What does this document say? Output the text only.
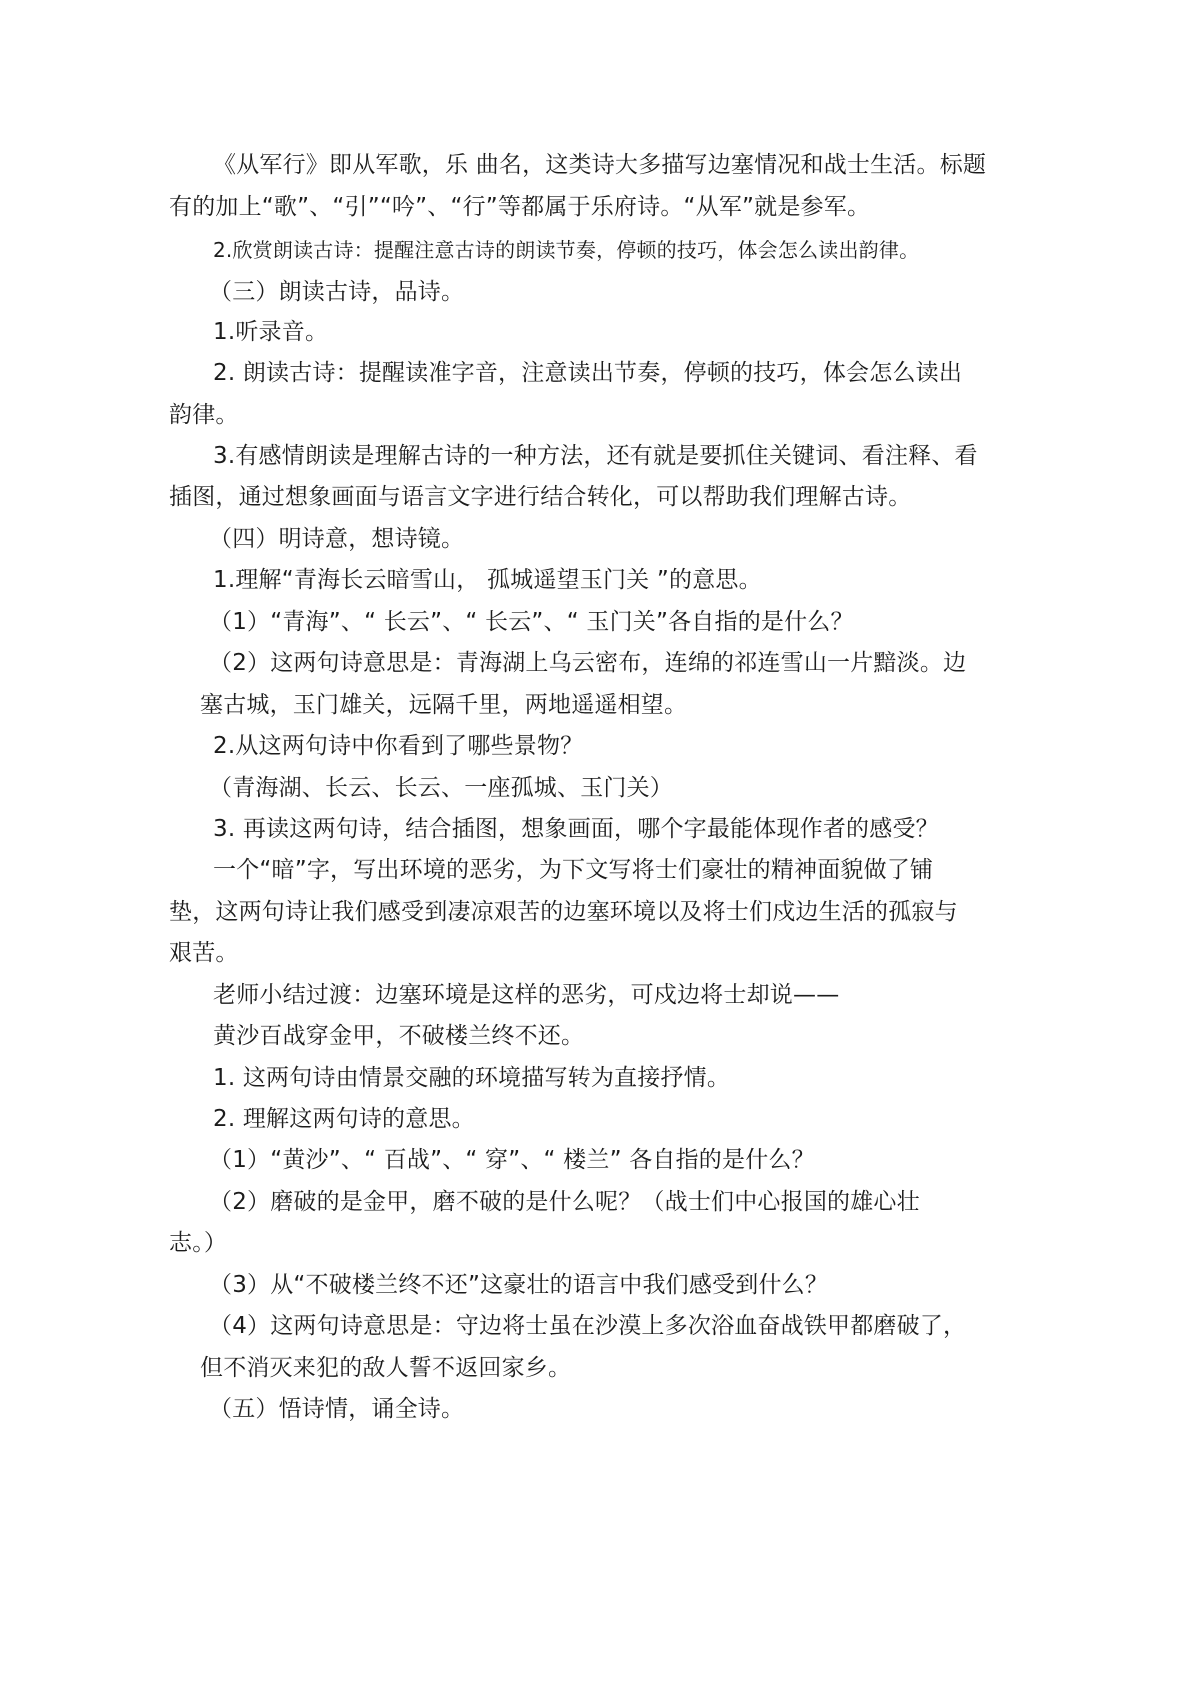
《从军行》即从军歌，乐 曲名，这类诗大多描写边塞情况和战士生活。标题
有的加上“歌”、“引”“吟”、“行”等都属于乐府诗。“从军”就是参军。
2.欣赏朗读古诗：提醒注意古诗的朗读节奏，停顿的技巧，体会怎么读出韵律。
（三）朗读古诗，品诗。
1.听录音。
2. 朗读古诗：提醒读准字音，注意读出节奏，停顿的技巧，体会怎么读出
韵律。
3.有感情朗读是理解古诗的一种方法，还有就是要抓住关键词、看注释、看
插图，通过想象画面与语言文字进行结合转化，可以帮助我们理解古诗。
（四）明诗意，想诗镜。
1.理解“青海长云暗雪山， 孤城遥望玉门关 ”的意思。
（1）“青海”、“ 长云”、“ 长云”、“ 玉门关”各自指的是什么？
（2）这两句诗意思是：青海湖上乌云密布，连绵的祁连雪山一片黯淡。边
塞古城，玉门雄关，远隔千里，两地遥遥相望。
2.从这两句诗中你看到了哪些景物？
（青海湖、长云、长云、一座孤城、玉门关）
3. 再读这两句诗，结合插图，想象画面，哪个字最能体现作者的感受？
一个“暗”字，写出环境的恶劣，为下文写将士们豪壮的精神面貌做了铺
垫，这两句诗让我们感受到凄凉艰苦的边塞环境以及将士们戍边生活的孤寂与
艰苦。
老师小结过渡：边塞环境是这样的恶劣，可戍边将士却说——
黄沙百战穿金甲，不破楼兰终不还。
1. 这两句诗由情景交融的环境描写转为直接抒情。
2. 理解这两句诗的意思。
（1）“黄沙”、“ 百战”、“ 穿”、“ 楼兰” 各自指的是什么？
（2）磨破的是金甲，磨不破的是什么呢？（战士们中心报国的雄心壮
志。）
（3）从“不破楼兰终不还”这豪壮的语言中我们感受到什么？
（4）这两句诗意思是：守边将士虽在沙漠上多次浴血奋战铁甲都磨破了，
但不消灭来犯的敌人誓不返回家乡。
（五）悟诗情，诵全诗。
